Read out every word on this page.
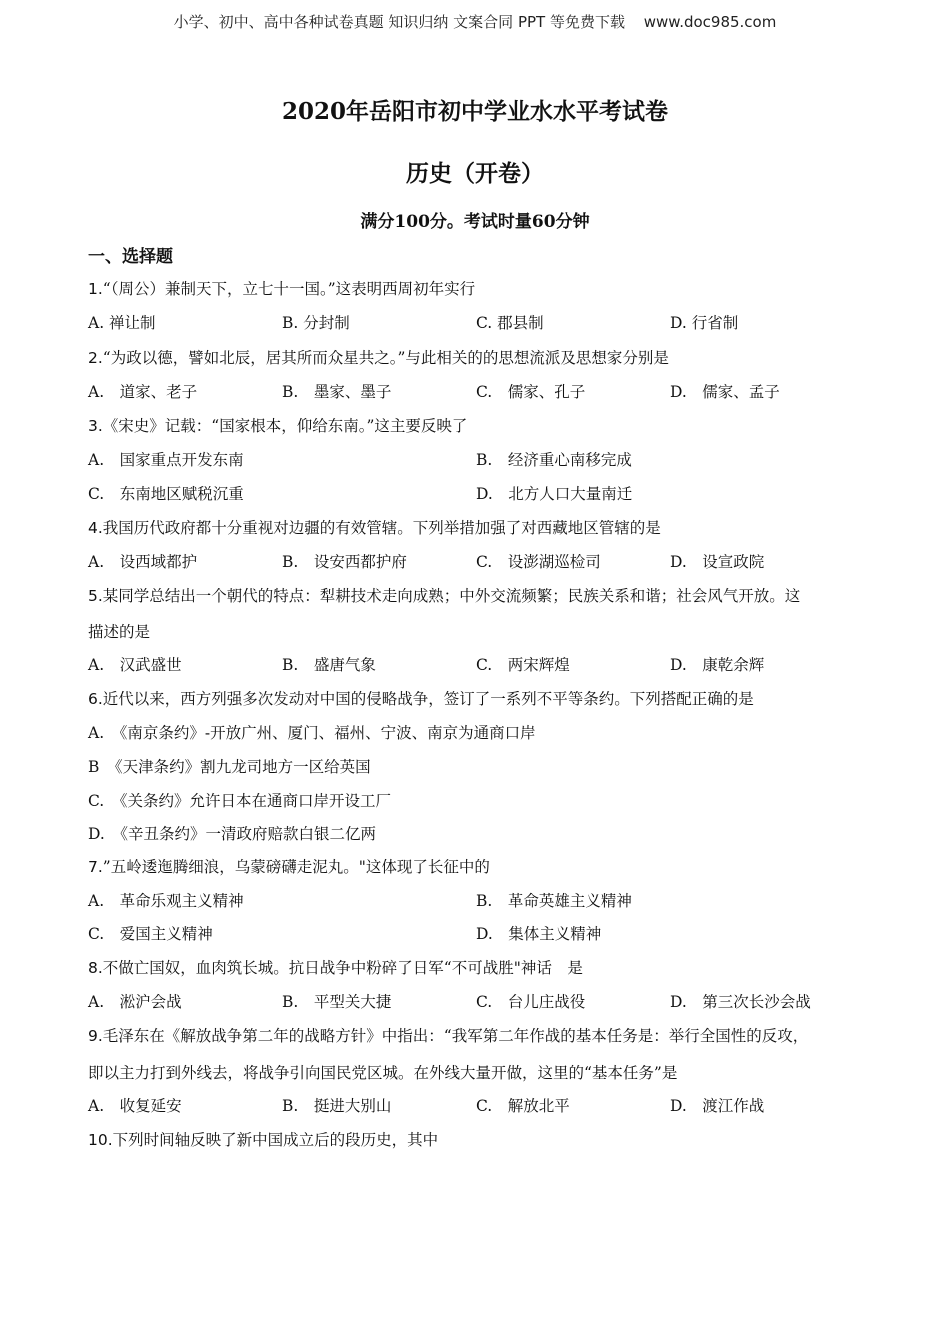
小学、初中、高中各种试卷真题 知识归纳 文案合同 PPT 等免费下载 www.doc985.com
2020年岳阳市初中学业水水平考试卷
历史（开卷）
满分100分。考试时量60分钟
一、选择题
1.“（周公）兼制天下，立七十一国。”这表明西周初年实行
A. 禅让制	B. 分封制	C. 郡县制	D. 行省制
2.“为政以德，譬如北辰，居其所而众星共之。”与此相关的的思想流派及思想家分别是
A.　道家、老子	B.　墨家、墨子	C.　儒家、孔子	D.　儒家、孟子
3.《宋史》记载：“国家根本，仰给东南。”这主要反映了
A.　国家重点开发东南	B.　经济重心南移完成
C.　东南地区赋税沉重	D.　北方人口大量南迁
4.我国历代政府都十分重视对边疆的有效管辖。下列举措加强了对西藏地区管辖的是
A.　设西域都护	B.　设安西都护府	C.　设澎湖巡检司	D.　设宣政院
5.某同学总结出一个朝代的特点：犁耕技术走向成熟；中外交流频繁；民族关系和谐；社会风气开放。这
描述的是
A.　汉武盛世	B.　盛唐气象	C.　两宋辉煌	D.　康乾余辉
6.近代以来，西方列强多次发动对中国的侵略战争，签订了一系列不平等条约。下列搭配正确的是
A.　《南京条约》-开放广州、厦门、福州、宁波、南京为通商口岸
B　《天津条约》割九龙司地方一区给英国
C.　《关条约》允许日本在通商口岸开设工厂
D.　《辛丑条约》一清政府赔款白银二亿两
7.”五岭逶迤腾细浪，乌蒙磅礴走泥丸。"这体现了长征中的
A.　革命乐观主义精神	B.　革命英雄主义精神
C.　爱国主义精神	D.　集体主义精神
8.不做亡国奴，血肉筑长城。抗日战争中粉碎了日军“不可战胜"神话　是
A.　淞沪会战	B.　平型关大捷	C.　台儿庄战役	D.　第三次长沙会战
9.毛泽东在《解放战争第二年的战略方针》中指出：“我军第二年作战的基本任务是：举行全国性的反攻，
即以主力打到外线去，将战争引向国民党区城。在外线大量开做，这里的“基本任务”是
A.　收复延安	B.　挺进大别山	C.　解放北平	D.　渡江作战
10.下列时间轴反映了新中国成立后的段历史，其中
